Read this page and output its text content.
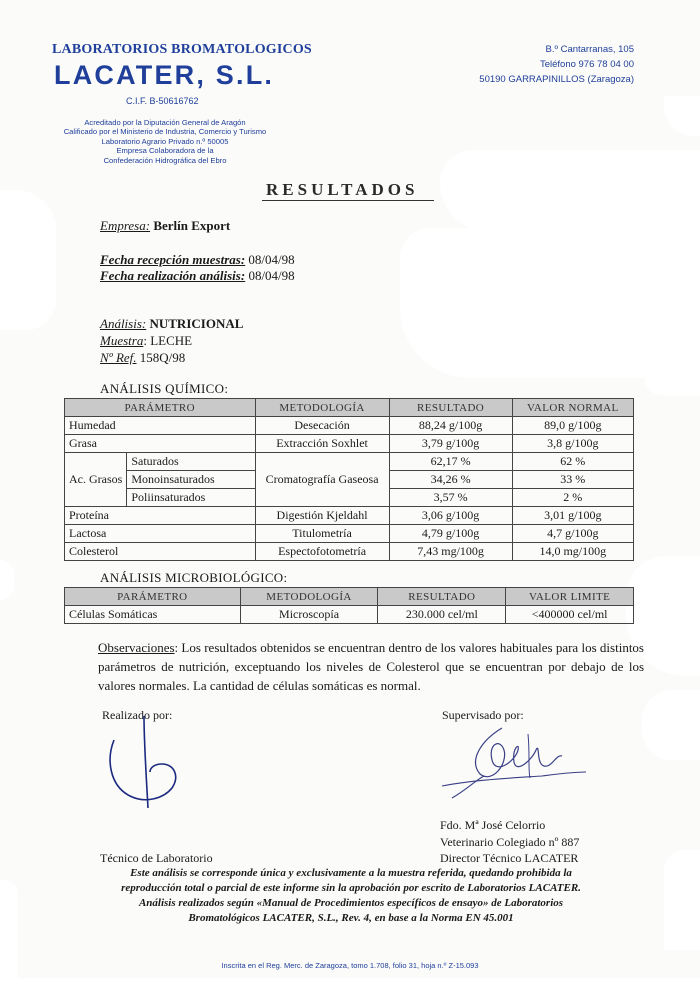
LABORATORIOS BROMATOLOGICOS
LACATER, S.L.
C.I.F. B-50616762
Acreditado por la Diputación General de Aragón
Calificado por el Ministerio de Industria, Comercio y Turismo
Laboratorio Agrario Privado n.º 50005
Empresa Colaboradora de la
Confederación Hidrográfica del Ebro
B.º Cantarranas, 105
Teléfono 976 78 04 00
50190 GARRAPINILLOS (Zaragoza)
RESULTADOS
Empresa: Berlín Export
Fecha recepción muestras: 08/04/98
Fecha realización análisis: 08/04/98
Análisis: NUTRICIONAL
Muestra: LECHE
Nº Ref. 158Q/98
ANÁLISIS QUÍMICO:
PARÁMETRO		METODOLOGÍA	RESULTADO	VALOR NORMAL
Humedad		Desecación	88,24 g/100g	89,0 g/100g
Grasa		Extracción Soxhlet	3,79 g/100g	3,8 g/100g
Ac. Grasos	Saturados	Cromatografía Gaseosa	62,17 %	62 %
	Monoinsaturados		34,26 %	33 %
	Poliinsaturados		3,57 %	2 %
Proteína		Digestión Kjeldahl	3,06 g/100g	3,01 g/100g
Lactosa		Titulometría	4,79 g/100g	4,7 g/100g
Colesterol		Espectofotometría	7,43 mg/100g	14,0 mg/100g
ANÁLISIS MICROBIOLÓGICO:
PARÁMETRO	METODOLOGÍA	RESULTADO	VALOR LIMITE
Células Somáticas	Microscopía	230.000 cel/ml	<400000 cel/ml
Observaciones: Los resultados obtenidos se encuentran dentro de los valores habituales para los distintos parámetros de nutrición, exceptuando los niveles de Colesterol que se encuentran por debajo de los valores normales. La cantidad de células somáticas es normal.
Realizado por:	Supervisado por:
Fdo. Mª José Celorrio
Veterinario Colegiado nº 887
Director Técnico LACATER
Técnico de Laboratorio
Este análisis se corresponde única y exclusivamente a la muestra referida, quedando prohibida la
reproducción total o parcial de este informe sin la aprobación por escrito de Laboratorios LACATER.
Análisis realizados según «Manual de Procedimientos específicos de ensayo» de Laboratorios
Bromatológicos LACATER, S.L., Rev. 4, en base a la Norma EN 45.001
Inscrita en el Reg. Merc. de Zaragoza, tomo 1.708, folio 31, hoja n.º Z-15.093
